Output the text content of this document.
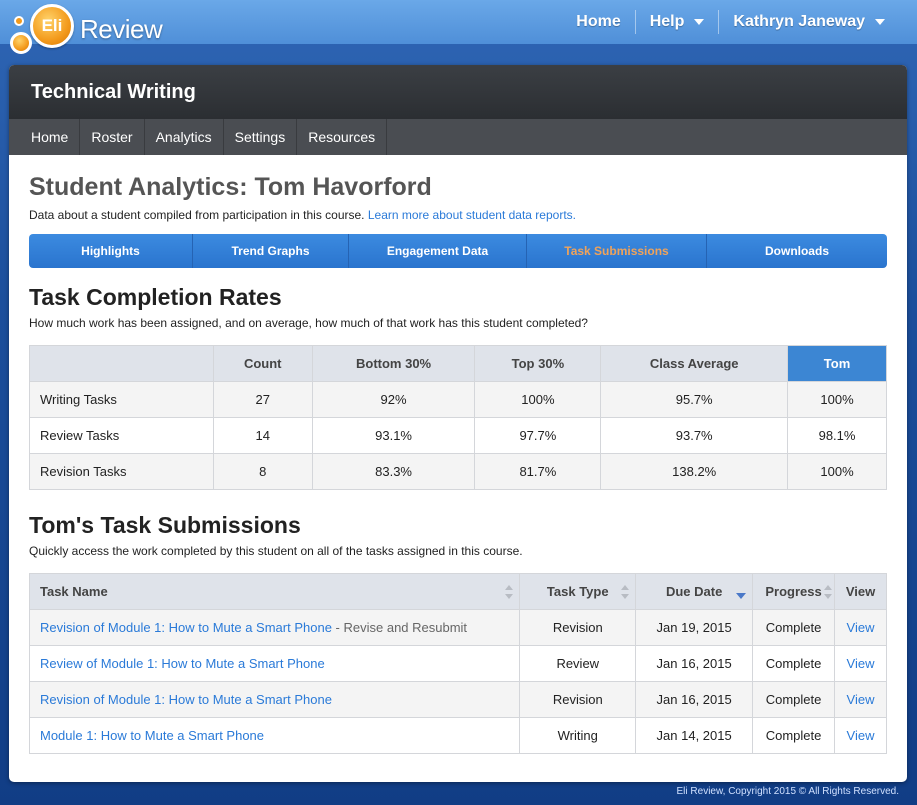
Eli Review	Home Help	Kathryn Janeway
Technical Writing
Home	Roster	Analytics	Settings	Resources
Student Analytics: Tom Havorford

Data about a student compiled from participation in this course. Learn more about student data reports.

Highlights	Trend Graphs	Engagement Data	Task Submissions	Downloads
Task Completion Rates

How much work has been assigned, and on average, how much of that work has this student completed?

	Count	Bottom 30%	Top 30%	Class Average	Tom
Writing Tasks	27	92%	100%	95.7%	100%
Review Tasks	14	93.1%	97.7%	93.7%	98.1%
Revision Tasks	8	83.3%	81.7%	138.2%	100%
Tom's Task Submissions

Quickly access the work completed by this student on all of the tasks assigned in this course.

Task Name	Task Type	Due Date	Progress	View
Revision of Module 1: How to Mute a Smart Phone - Revise and Resubmit	Revision	Jan 19, 2015	Complete	View
Review of Module 1: How to Mute a Smart Phone	Review	Jan 16, 2015	Complete	View
Revision of Module 1: How to Mute a Smart Phone	Revision	Jan 16, 2015	Complete	View
Module 1: How to Mute a Smart Phone	Writing	Jan 14, 2015	Complete	View
Eli Review, Copyright 2015 © All Rights Reserved.
